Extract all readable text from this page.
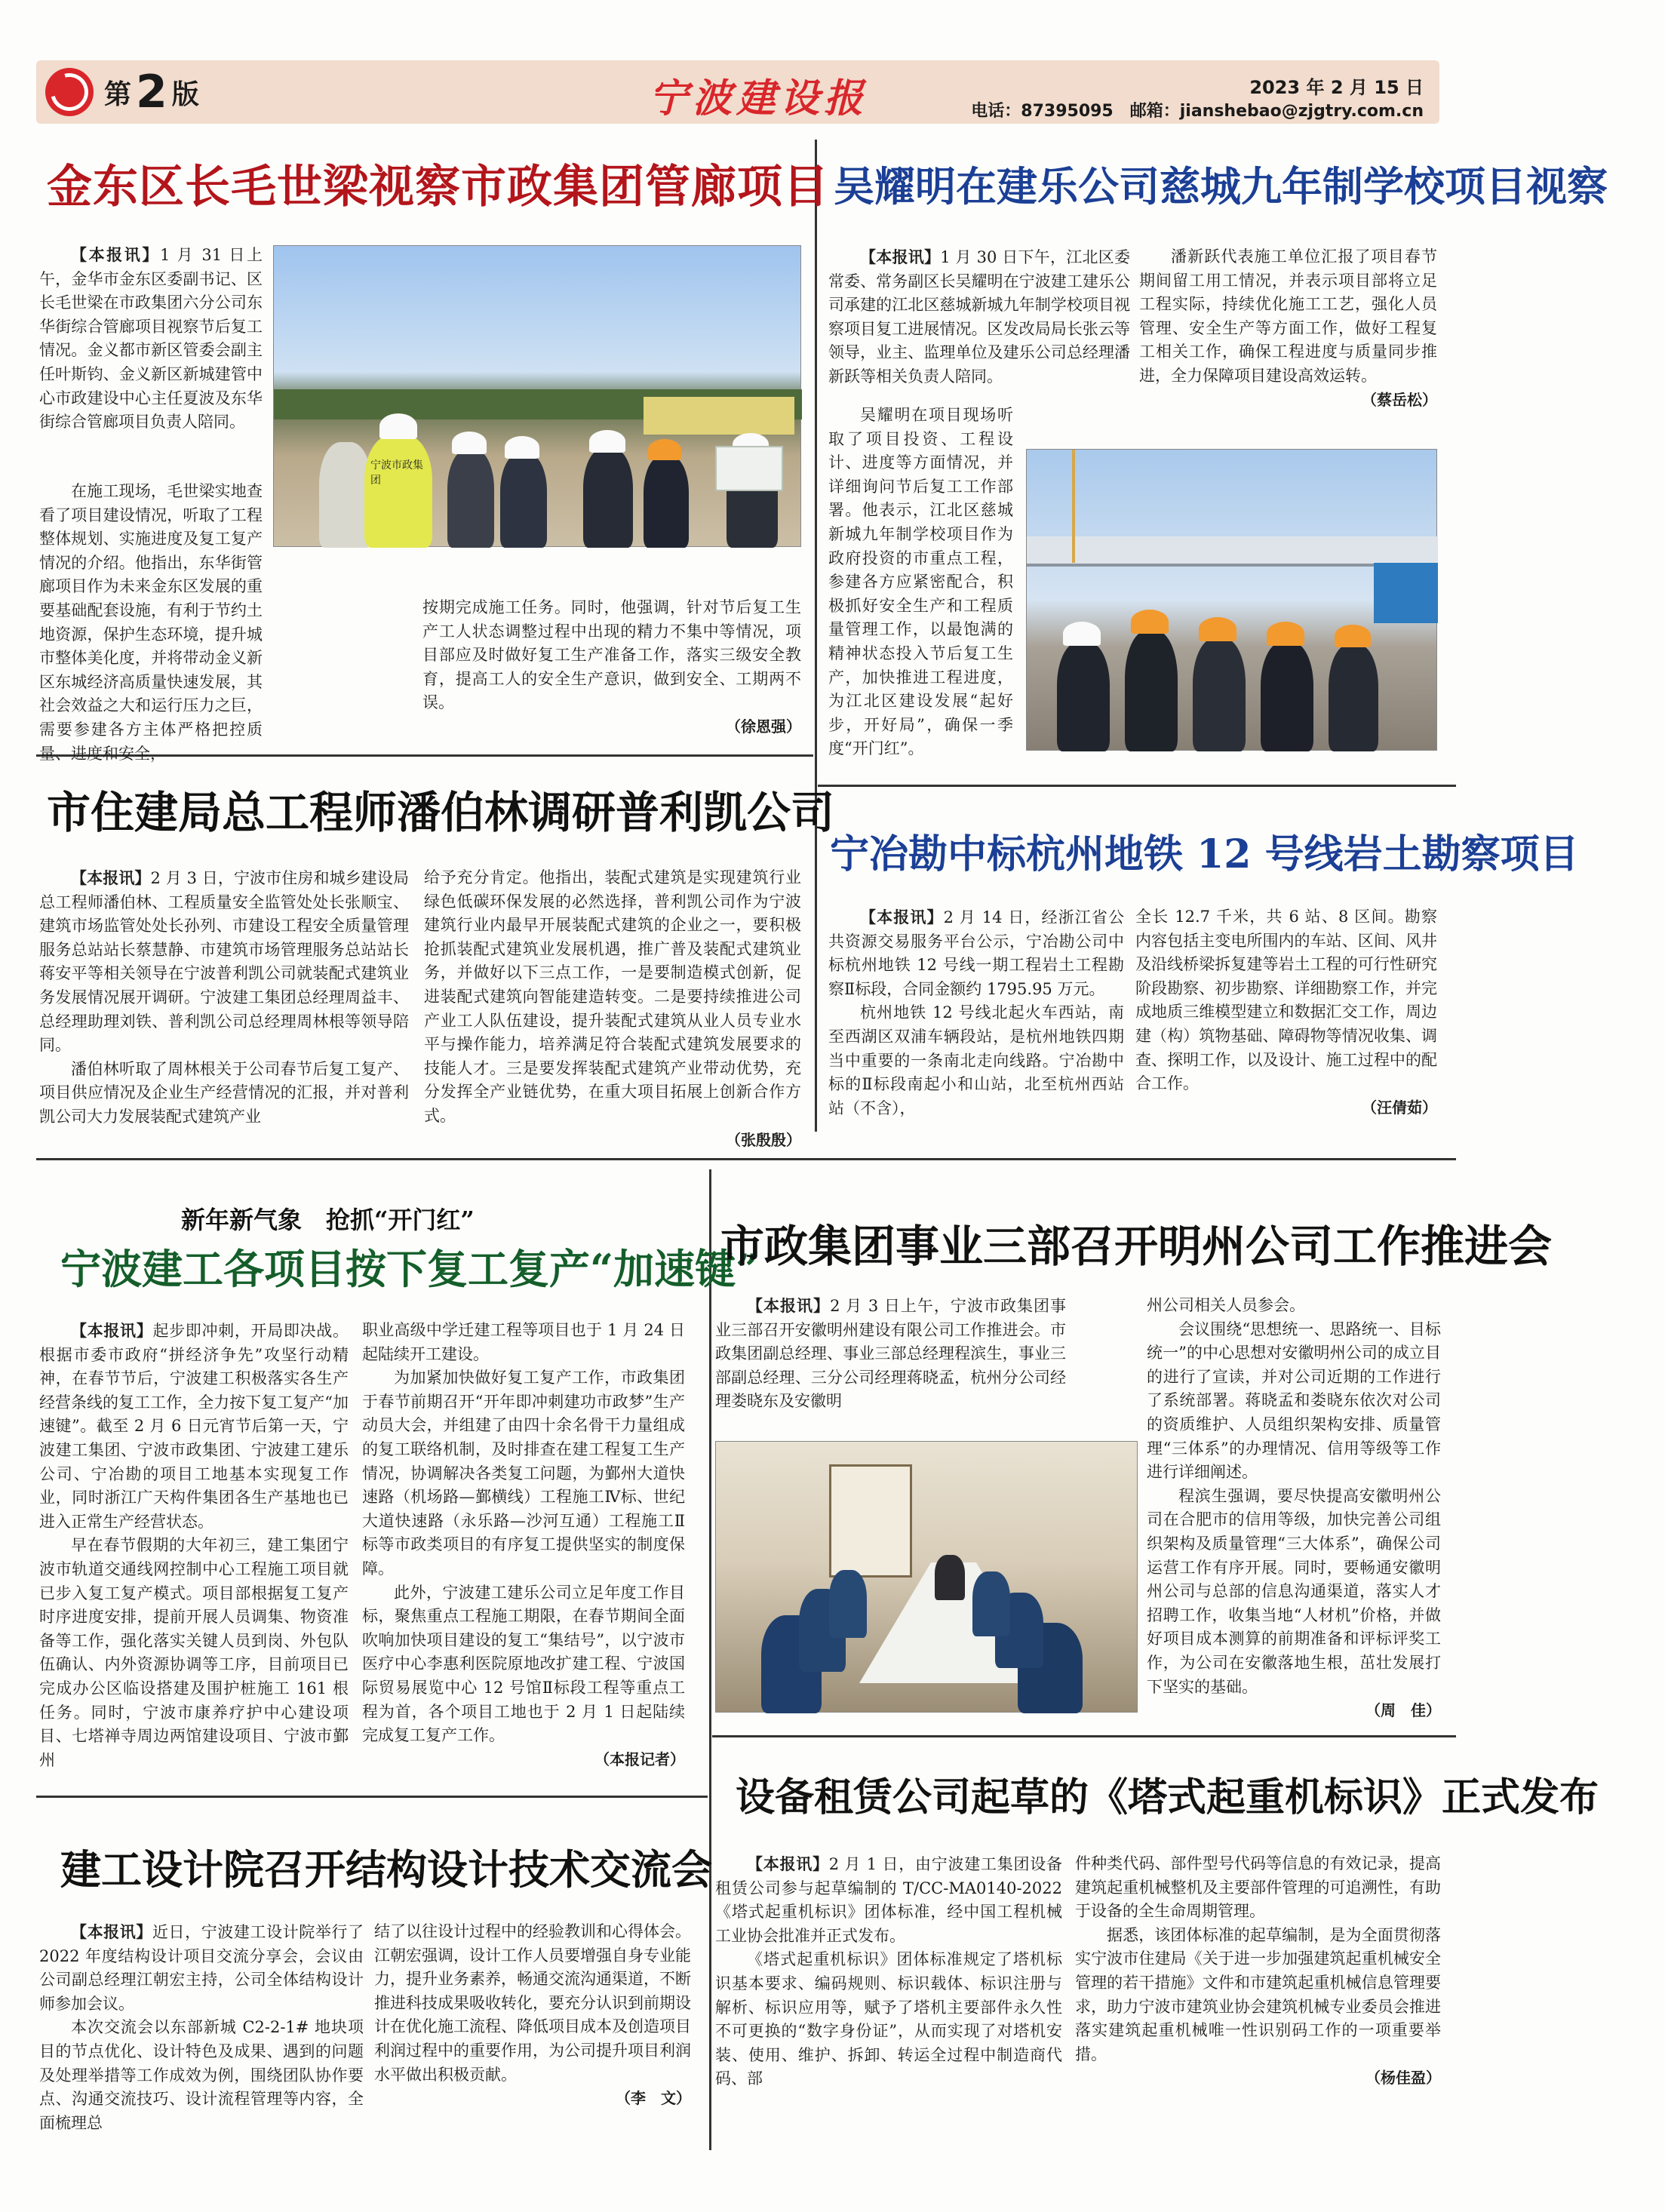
第 2 版	宁波建设报	2023 年 2 月 15 日
电话：87395095　邮箱：jianshebao@zjgtry.com.cn
金东区长毛世梁视察市政集团管廊项目

【本报讯】1 月 31 日上午，金华市金东区委副书记、区长毛世梁在市政集团六分公司东华街综合管廊项目视察节后复工情况。金义都市新区管委会副主任叶斯钧、金义新区新城建管中心市政建设中心主任夏波及东华街综合管廊项目负责人陪同。

宁波市政集团

在施工现场，毛世梁实地查看了项目建设情况，听取了工程整体规划、实施进度及复工复产情况的介绍。他指出，东华街管廊项目作为未来金东区发展的重要基础配套设施，有利于节约土地资源，保护生态环境，提升城市整体美化度，并将带动金义新区东城经济高质量快速发展，其社会效益之大和运行压力之巨，需要参建各方主体严格把控质量、进度和安全，

按期完成施工任务。同时，他强调，针对节后复工生产工人状态调整过程中出现的精力不集中等情况，项目部应及时做好复工生产准备工作，落实三级安全教育，提高工人的安全生产意识，做到安全、工期两不误。

（徐恩强）
吴耀明在建乐公司慈城九年制学校项目视察

【本报讯】1 月 30 日下午，江北区委常委、常务副区长吴耀明在宁波建工建乐公司承建的江北区慈城新城九年制学校项目视察项目复工进展情况。区发改局局长张云等领导，业主、监理单位及建乐公司总经理潘新跃等相关负责人陪同。

吴耀明在项目现场听取了项目投资、工程设计、进度等方面情况，并详细询问节后复工工作部署。他表示，江北区慈城新城九年制学校项目作为政府投资的市重点工程，参建各方应紧密配合，积极抓好安全生产和工程质量管理工作，以最饱满的精神状态投入节后复工生产，加快推进工程进度，为江北区建设发展“起好步，开好局”，确保一季度“开门红”。

潘新跃代表施工单位汇报了项目春节期间留工用工情况，并表示项目部将立足工程实际，持续优化施工工艺，强化人员管理、安全生产等方面工作，做好工程复工相关工作，确保工程进度与质量同步推进，全力保障项目建设高效运转。

（蔡岳松）
市住建局总工程师潘伯林调研普利凯公司

【本报讯】2 月 3 日，宁波市住房和城乡建设局总工程师潘伯林、工程质量安全监管处处长张顺宝、建筑市场监管处处长孙列、市建设工程安全质量管理服务总站站长蔡慧静、市建筑市场管理服务总站站长蒋安平等相关领导在宁波普利凯公司就装配式建筑业务发展情况展开调研。宁波建工集团总经理周益丰、总经理助理刘铁、普利凯公司总经理周林根等领导陪同。

潘伯林听取了周林根关于公司春节后复工复产、项目供应情况及企业生产经营情况的汇报，并对普利凯公司大力发展装配式建筑产业

给予充分肯定。他指出，装配式建筑是实现建筑行业绿色低碳环保发展的必然选择，普利凯公司作为宁波建筑行业内最早开展装配式建筑的企业之一，要积极抢抓装配式建筑业发展机遇，推广普及装配式建筑业务，并做好以下三点工作，一是要制造模式创新，促进装配式建筑向智能建造转变。二是要持续推进公司产业工人队伍建设，提升装配式建筑从业人员专业水平与操作能力，培养满足符合装配式建筑发展要求的技能人才。三是要发挥装配式建筑产业带动优势，充分发挥全产业链优势，在重大项目拓展上创新合作方式。

（张殷殷）
宁冶勘中标杭州地铁 12 号线岩土勘察项目

【本报讯】2 月 14 日，经浙江省公共资源交易服务平台公示，宁冶勘公司中标杭州地铁 12 号线一期工程岩土工程勘察Ⅱ标段，合同金额约 1795.95 万元。

杭州地铁 12 号线北起火车西站，南至西湖区双浦车辆段站，是杭州地铁四期当中重要的一条南北走向线路。宁冶勘中标的Ⅱ标段南起小和山站，北至杭州西站站（不含），

全长 12.7 千米，共 6 站、8 区间。勘察内容包括主变电所围内的车站、区间、风井及沿线桥梁拆复建等岩土工程的可行性研究阶段勘察、初步勘察、详细勘察工作，并完成地质三维模型建立和数据汇交工作，周边建（构）筑物基础、障碍物等情况收集、调查、探明工作，以及设计、施工过程中的配合工作。

（汪倩茹）
新年新气象　抢抓“开门红”
宁波建工各项目按下复工复产“加速键”

【本报讯】起步即冲刺，开局即决战。根据市委市政府“拼经济争先”攻坚行动精神，在春节节后，宁波建工积极落实各生产经营条线的复工工作，全力按下复工复产“加速键”。截至 2 月 6 日元宵节后第一天，宁波建工集团、宁波市政集团、宁波建工建乐公司、宁冶勘的项目工地基本实现复工作业，同时浙江广天构件集团各生产基地也已进入正常生产经营状态。

早在春节假期的大年初三，建工集团宁波市轨道交通线网控制中心工程施工项目就已步入复工复产模式。项目部根据复工复产时序进度安排，提前开展人员调集、物资准备等工作，强化落实关键人员到岗、外包队伍确认、内外资源协调等工序，目前项目已完成办公区临设搭建及围护桩施工 161 根任务。同时，宁波市康养疗护中心建设项目、七塔禅寺周边两馆建设项目、宁波市鄞州

职业高级中学迁建工程等项目也于 1 月 24 日起陆续开工建设。

为加紧加快做好复工复产工作，市政集团于春节前期召开“开年即冲刺建功市政梦”生产动员大会，并组建了由四十余名骨干力量组成的复工联络机制，及时排查在建工程复工生产情况，协调解决各类复工问题，为鄞州大道快速路（机场路—鄞横线）工程施工Ⅳ标、世纪大道快速路（永乐路—沙河互通）工程施工Ⅱ标等市政类项目的有序复工提供坚实的制度保障。

此外，宁波建工建乐公司立足年度工作目标，聚焦重点工程施工期限，在春节期间全面吹响加快项目建设的复工“集结号”，以宁波市医疗中心李惠利医院原地改扩建工程、宁波国际贸易展览中心 12 号馆Ⅱ标段工程等重点工程为首，各个项目工地也于 2 月 1 日起陆续完成复工复产工作。

（本报记者）
市政集团事业三部召开明州公司工作推进会

【本报讯】2 月 3 日上午，宁波市政集团事业三部召开安徽明州建设有限公司工作推进会。市政集团副总经理、事业三部总经理程滨生，事业三部副总经理、三分公司经理蒋晓孟，杭州分公司经理娄晓东及安徽明

州公司相关人员参会。

会议围绕“思想统一、思路统一、目标统一”的中心思想对安徽明州公司的成立目的进行了宣读，并对公司近期的工作进行了系统部署。蒋晓孟和娄晓东依次对公司的资质维护、人员组织架构安排、质量管理“三体系”的办理情况、信用等级等工作进行详细阐述。

程滨生强调，要尽快提高安徽明州公司在合肥市的信用等级，加快完善公司组织架构及质量管理“三大体系”，确保公司运营工作有序开展。同时，要畅通安徽明州公司与总部的信息沟通渠道，落实人才招聘工作，收集当地“人材机”价格，并做好项目成本测算的前期准备和评标评奖工作，为公司在安徽落地生根，茁壮发展打下坚实的基础。

（周　佳）
建工设计院召开结构设计技术交流会

【本报讯】近日，宁波建工设计院举行了 2022 年度结构设计项目交流分享会，会议由公司副总经理江朝宏主持，公司全体结构设计师参加会议。

本次交流会以东部新城 C2-2-1# 地块项目的节点优化、设计特色及成果、遇到的问题及处理举措等工作成效为例，围绕团队协作要点、沟通交流技巧、设计流程管理等内容，全面梳理总

结了以往设计过程中的经验教训和心得体会。江朝宏强调，设计工作人员要增强自身专业能力，提升业务素养，畅通交流沟通渠道，不断推进科技成果吸收转化，要充分认识到前期设计在优化施工流程、降低项目成本及创造项目利润过程中的重要作用，为公司提升项目利润水平做出积极贡献。

（李　文）
设备租赁公司起草的《塔式起重机标识》正式发布

【本报讯】2 月 1 日，由宁波建工集团设备租赁公司参与起草编制的 T/CC-MA0140-2022《塔式起重机标识》团体标准，经中国工程机械工业协会批准并正式发布。

《塔式起重机标识》团体标准规定了塔机标识基本要求、编码规则、标识载体、标识注册与解析、标识应用等，赋予了塔机主要部件永久性不可更换的“数字身份证”，从而实现了对塔机安装、使用、维护、拆卸、转运全过程中制造商代码、部

件种类代码、部件型号代码等信息的有效记录，提高建筑起重机械整机及主要部件管理的可追溯性，有助于设备的全生命周期管理。

据悉，该团体标准的起草编制，是为全面贯彻落实宁波市住建局《关于进一步加强建筑起重机械安全管理的若干措施》文件和市建筑起重机械信息管理要求，助力宁波市建筑业协会建筑机械专业委员会推进落实建筑起重机械唯一性识别码工作的一项重要举措。

（杨佳盈）
